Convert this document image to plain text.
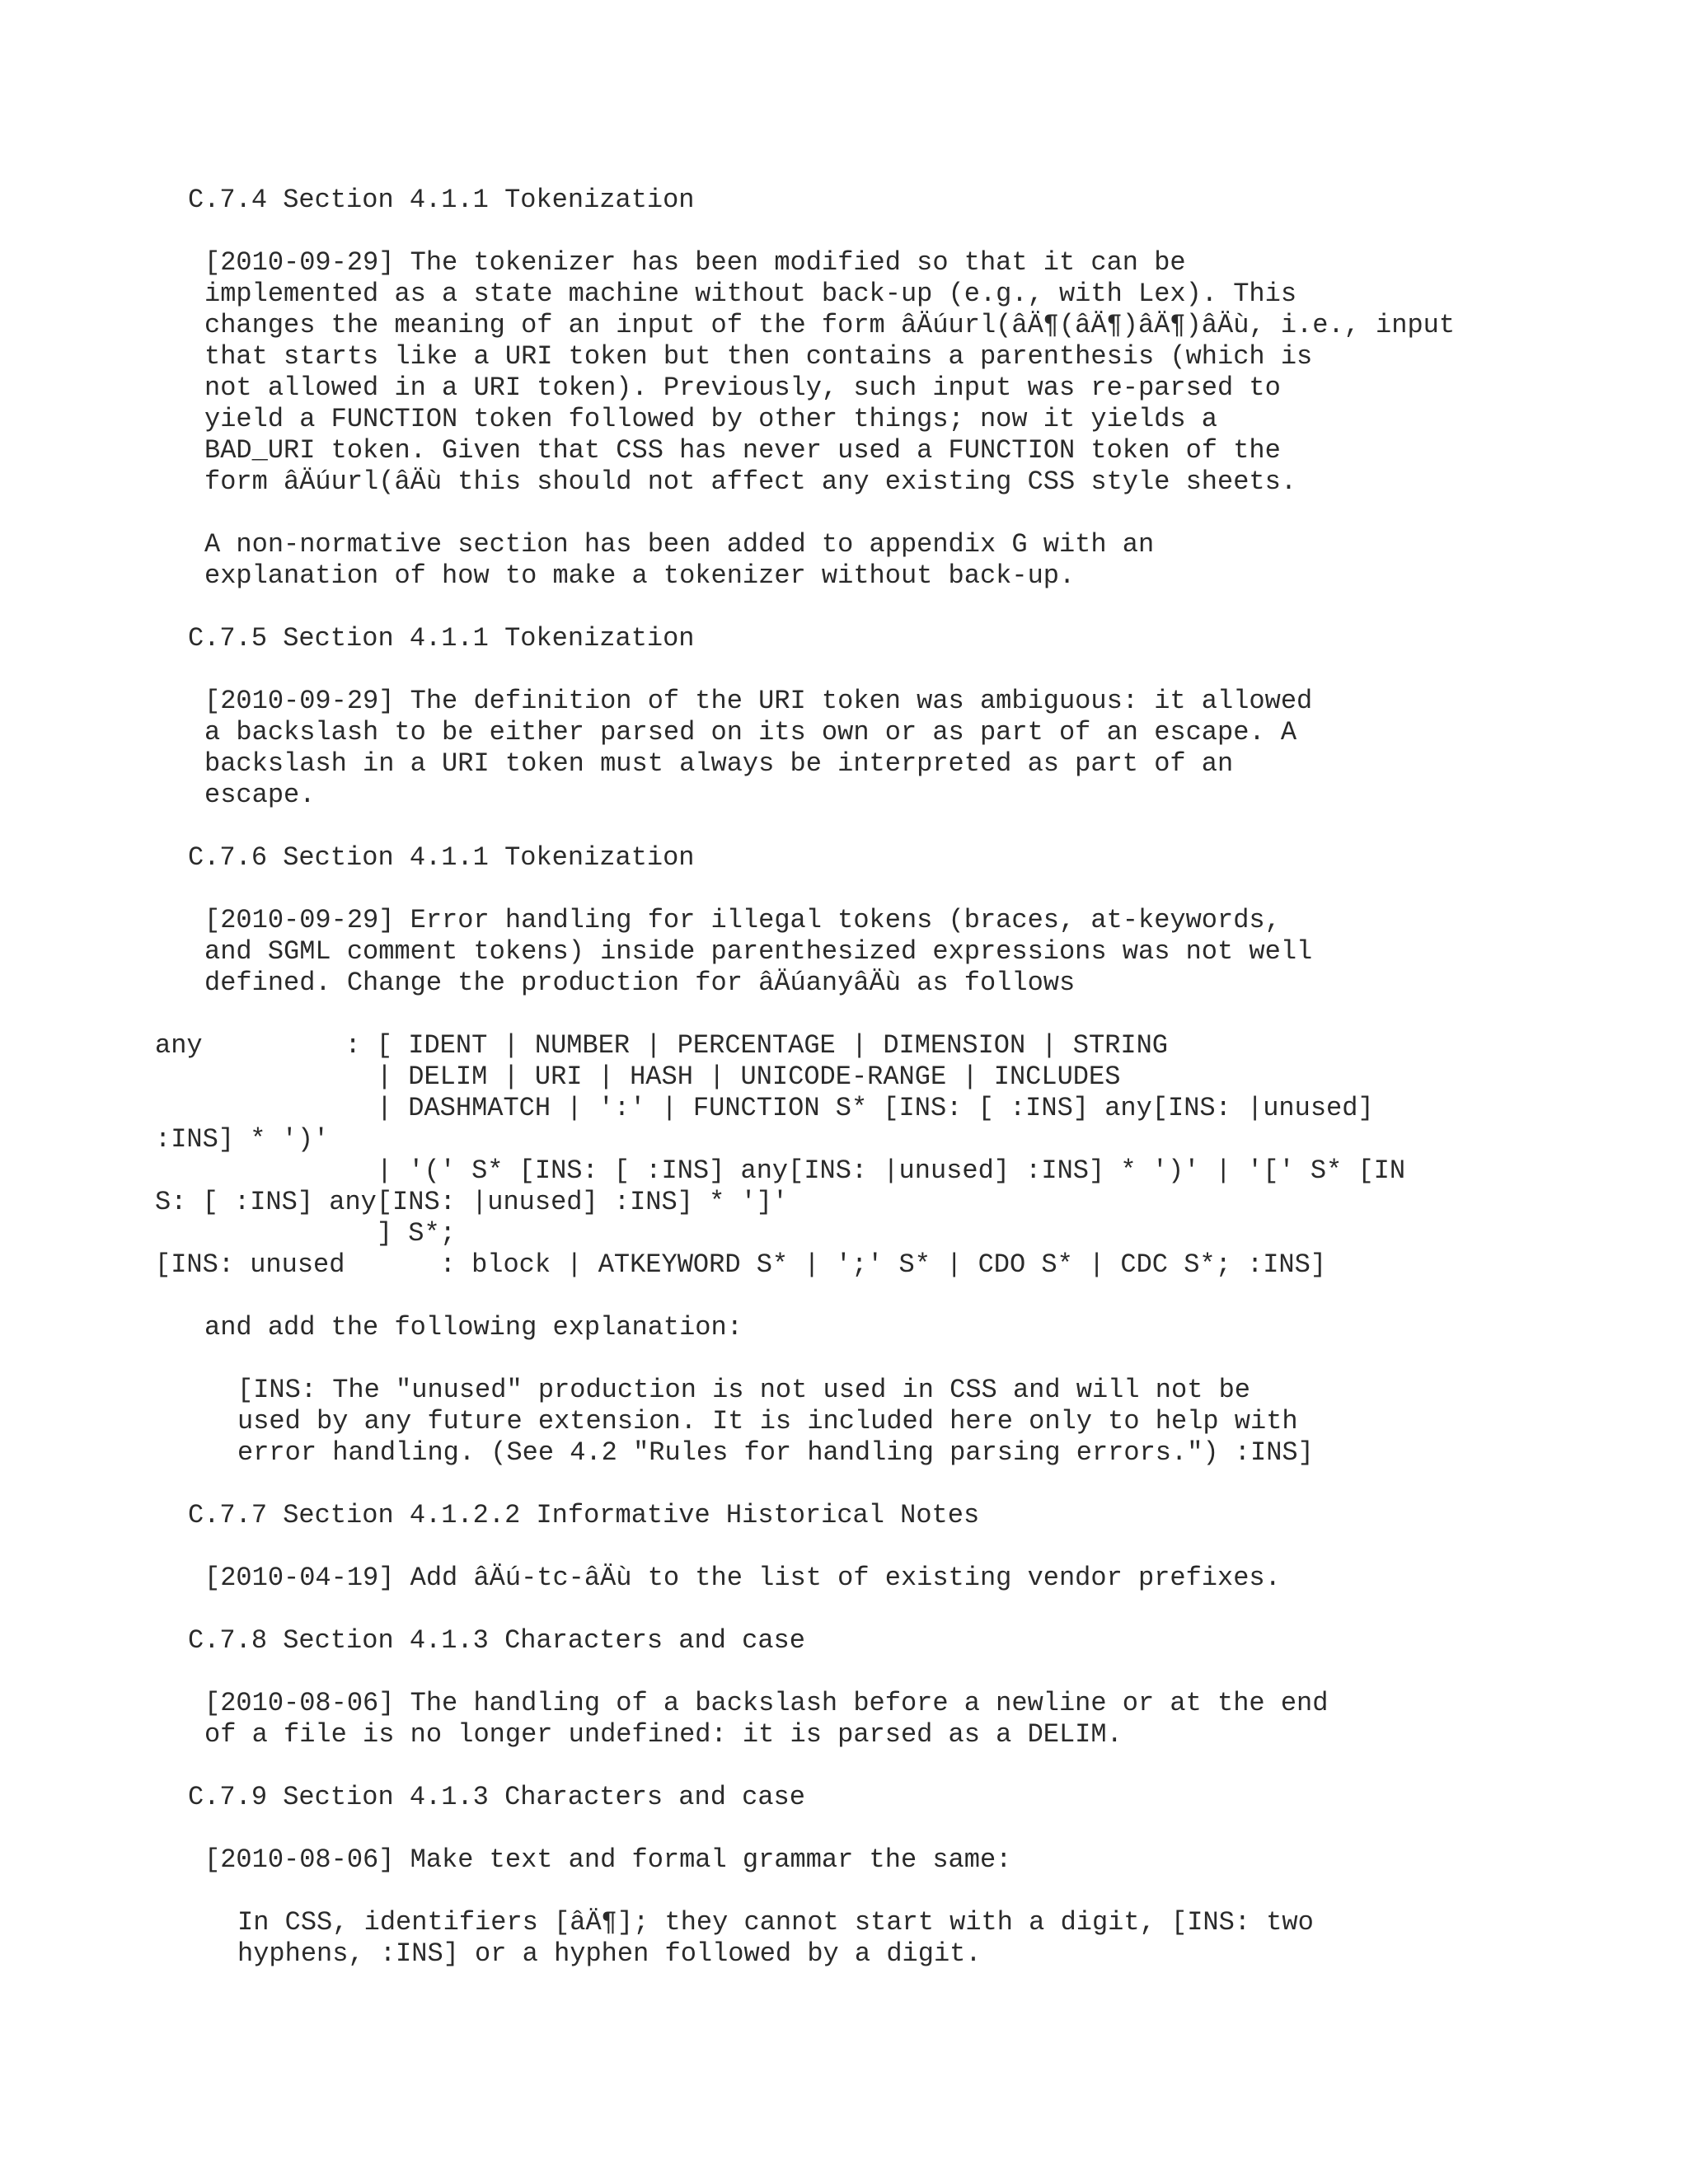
C.7.4 Section 4.1.1 Tokenization
[2010-09-29] The tokenizer has been modified so that it can be
implemented as a state machine without back-up (e.g., with Lex). This
changes the meaning of an input of the form âÄúurl(âÄ¶(âÄ¶)âÄ¶)âÄù, i.e., input
that starts like a URI token but then contains a parenthesis (which is
not allowed in a URI token). Previously, such input was re-parsed to
yield a FUNCTION token followed by other things; now it yields a
BAD_URI token. Given that CSS has never used a FUNCTION token of the
form âÄúurl(âÄù this should not affect any existing CSS style sheets.
A non-normative section has been added to appendix G with an
explanation of how to make a tokenizer without back-up.
C.7.5 Section 4.1.1 Tokenization
[2010-09-29] The definition of the URI token was ambiguous: it allowed
a backslash to be either parsed on its own or as part of an escape. A
backslash in a URI token must always be interpreted as part of an
escape.
C.7.6 Section 4.1.1 Tokenization
[2010-09-29] Error handling for illegal tokens (braces, at-keywords,
and SGML comment tokens) inside parenthesized expressions was not well
defined. Change the production for âÄúanyâÄù as follows
any         : [ IDENT | NUMBER | PERCENTAGE | DIMENSION | STRING
| DELIM | URI | HASH | UNICODE-RANGE | INCLUDES
| DASHMATCH | ':' | FUNCTION S* [INS: [ :INS] any[INS: |unused]
:INS] * ')'
| '(' S* [INS: [ :INS] any[INS: |unused] :INS] * ')' | '[' S* [IN
S: [ :INS] any[INS: |unused] :INS] * ']'
] S*;
[INS: unused      : block | ATKEYWORD S* | ';' S* | CDO S* | CDC S*; :INS]
and add the following explanation:
[INS: The "unused" production is not used in CSS and will not be
used by any future extension. It is included here only to help with
error handling. (See 4.2 "Rules for handling parsing errors.") :INS]
C.7.7 Section 4.1.2.2 Informative Historical Notes
[2010-04-19] Add âÄú-tc-âÄù to the list of existing vendor prefixes.
C.7.8 Section 4.1.3 Characters and case
[2010-08-06] The handling of a backslash before a newline or at the end
of a file is no longer undefined: it is parsed as a DELIM.
C.7.9 Section 4.1.3 Characters and case
[2010-08-06] Make text and formal grammar the same:
In CSS, identifiers [âÄ¶]; they cannot start with a digit, [INS: two
hyphens, :INS] or a hyphen followed by a digit.
